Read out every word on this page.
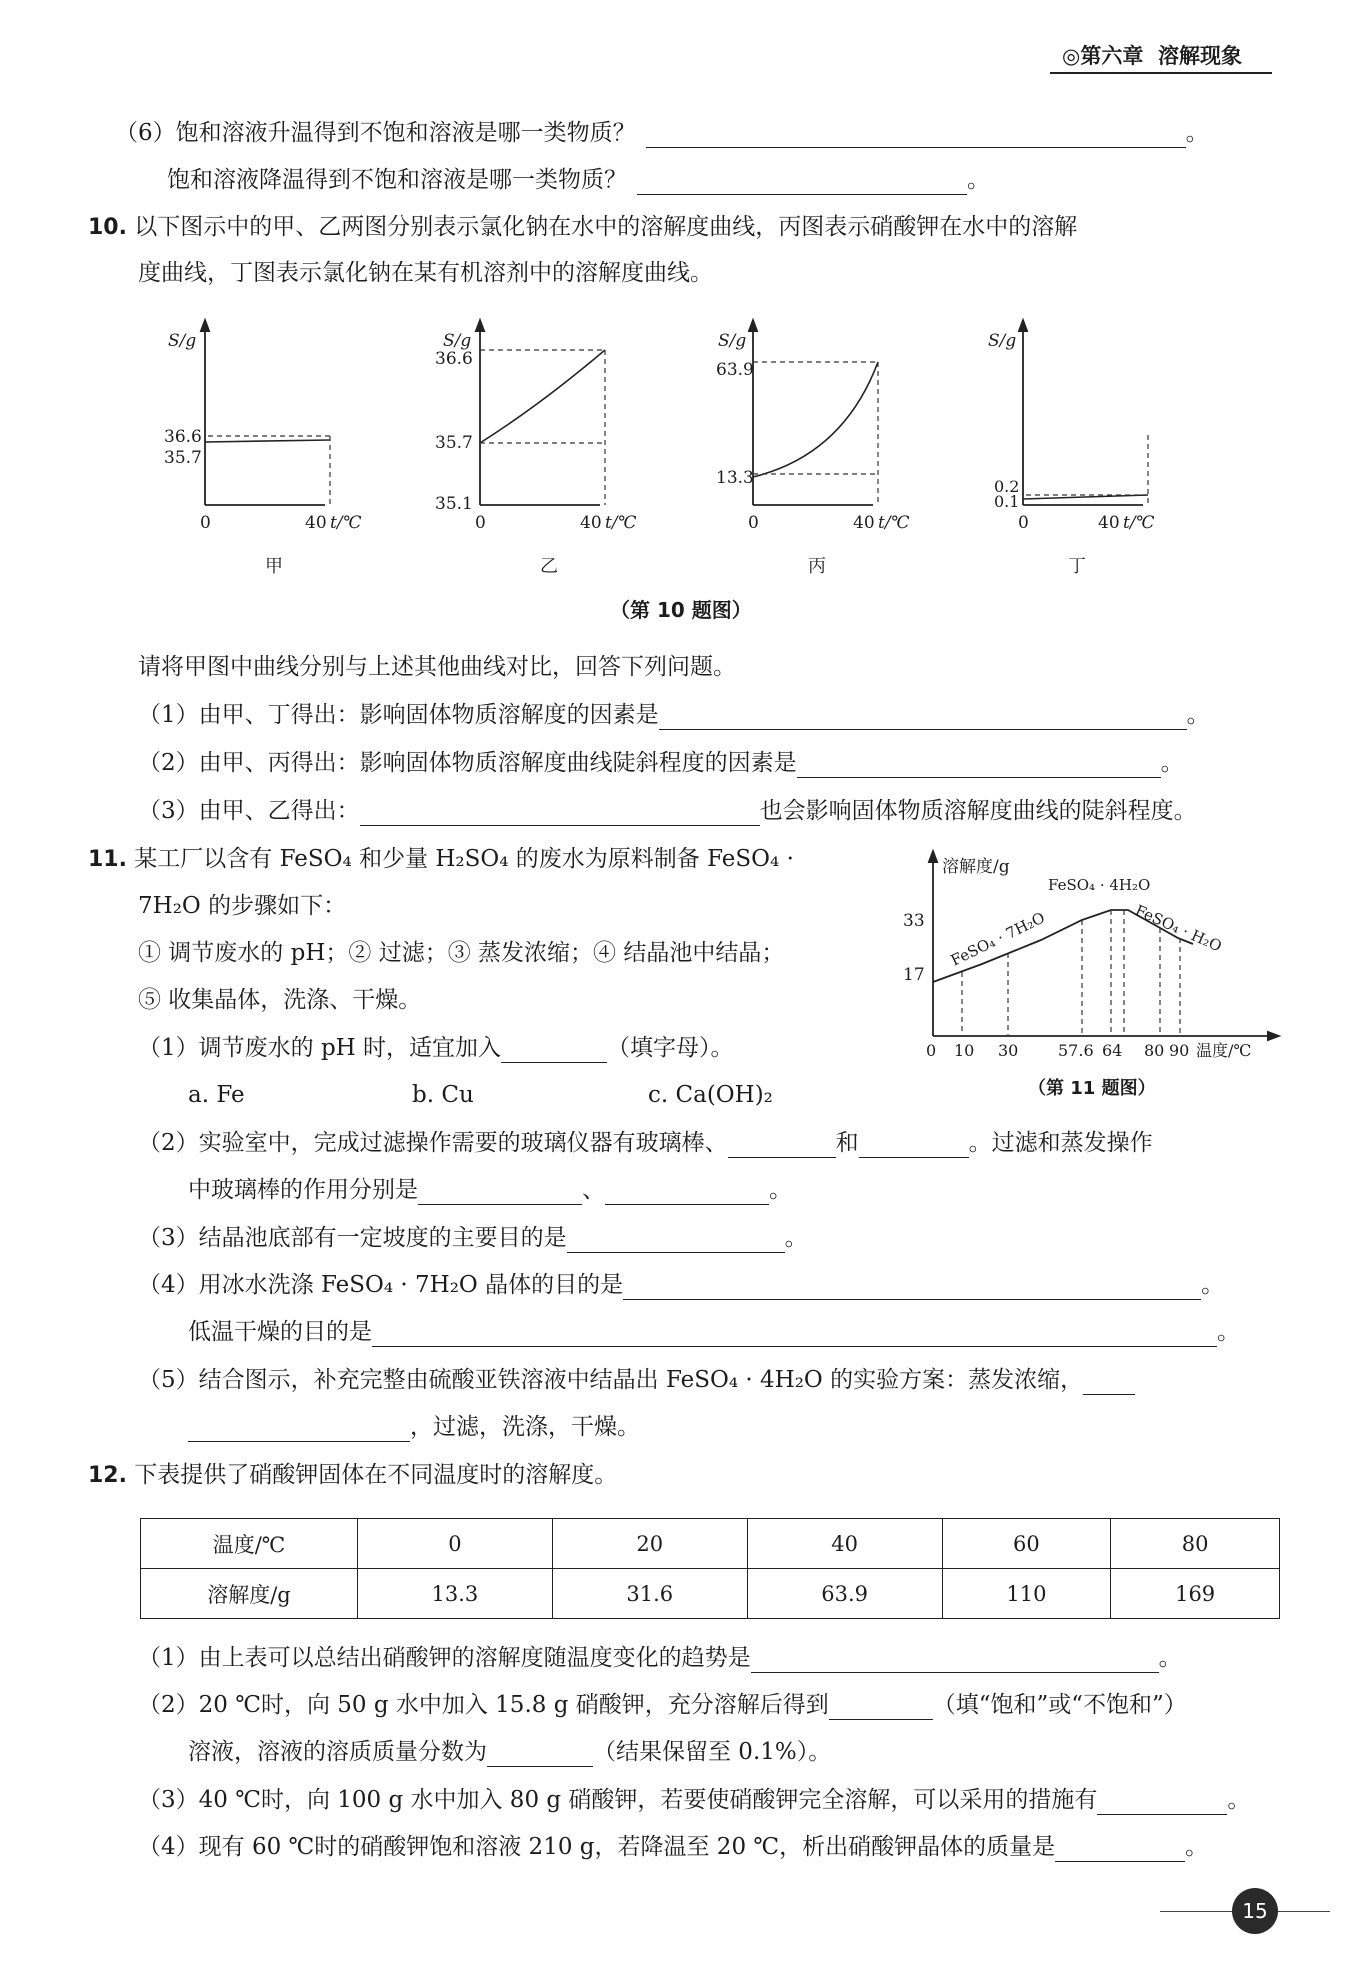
◎第六章 溶解现象
（6）饱和溶液升温得到不饱和溶液是哪一类物质？	。
饱和溶液降温得到不饱和溶液是哪一类物质？	。
10. 以下图示中的甲、乙两图分别表示氯化钠在水中的溶解度曲线，丙图表示硝酸钾在水中的溶解
度曲线，丁图表示氯化钠在某有机溶剂中的溶解度曲线。
S/g
36.6
35.7
0	40 t/℃
甲
S/g
36.6
35.7
35.1
0	40 t/℃
乙
S/g
63.9
13.3
0	40 t/℃
丙
S/g
0.2
0.1
0	40 t/℃
丁
（第 10 题图）
请将甲图中曲线分别与上述其他曲线对比，回答下列问题。
（1）由甲、丁得出：影响固体物质溶解度的因素是	。
（2）由甲、丙得出：影响固体物质溶解度曲线陡斜程度的因素是	。
（3）由甲、乙得出：	也会影响固体物质溶解度曲线的陡斜程度。
11. 某工厂以含有 FeSO₄ 和少量 H₂SO₄ 的废水为原料制备 FeSO₄ ·
7H₂O 的步骤如下：
① 调节废水的 pH；② 过滤；③ 蒸发浓缩；④ 结晶池中结晶；
⑤ 收集晶体，洗涤、干燥。
溶解度/g
33
17
0 10 30 57.6 64 80 90 温度/℃
FeSO₄ · 7H₂O
FeSO₄ · 4H₂O
FeSO₄ · H₂O
（第 11 题图）
（1）调节废水的 pH 时，适宜加入	（填字母）。
a. Fe	b. Cu	c. Ca(OH)₂
（2）实验室中，完成过滤操作需要的玻璃仪器有玻璃棒、	和	。过滤和蒸发操作
中玻璃棒的作用分别是	、	。
（3）结晶池底部有一定坡度的主要目的是	。
（4）用冰水洗涤 FeSO₄ · 7H₂O 晶体的目的是	。
低温干燥的目的是	。
（5）结合图示，补充完整由硫酸亚铁溶液中结晶出 FeSO₄ · 4H₂O 的实验方案：蒸发浓缩，
，过滤，洗涤，干燥。
12. 下表提供了硝酸钾固体在不同温度时的溶解度。
温度/℃	0	20	40	60	80
溶解度/g	13.3	31.6	63.9	110	169
（1）由上表可以总结出硝酸钾的溶解度随温度变化的趋势是	。
（2）20 ℃时，向 50 g 水中加入 15.8 g 硝酸钾，充分溶解后得到	（填“饱和”或“不饱和”）
溶液，溶液的溶质质量分数为	（结果保留至 0.1%）。
（3）40 ℃时，向 100 g 水中加入 80 g 硝酸钾，若要使硝酸钾完全溶解，可以采用的措施有	。
（4）现有 60 ℃时的硝酸钾饱和溶液 210 g，若降温至 20 ℃，析出硝酸钾晶体的质量是	。
15
